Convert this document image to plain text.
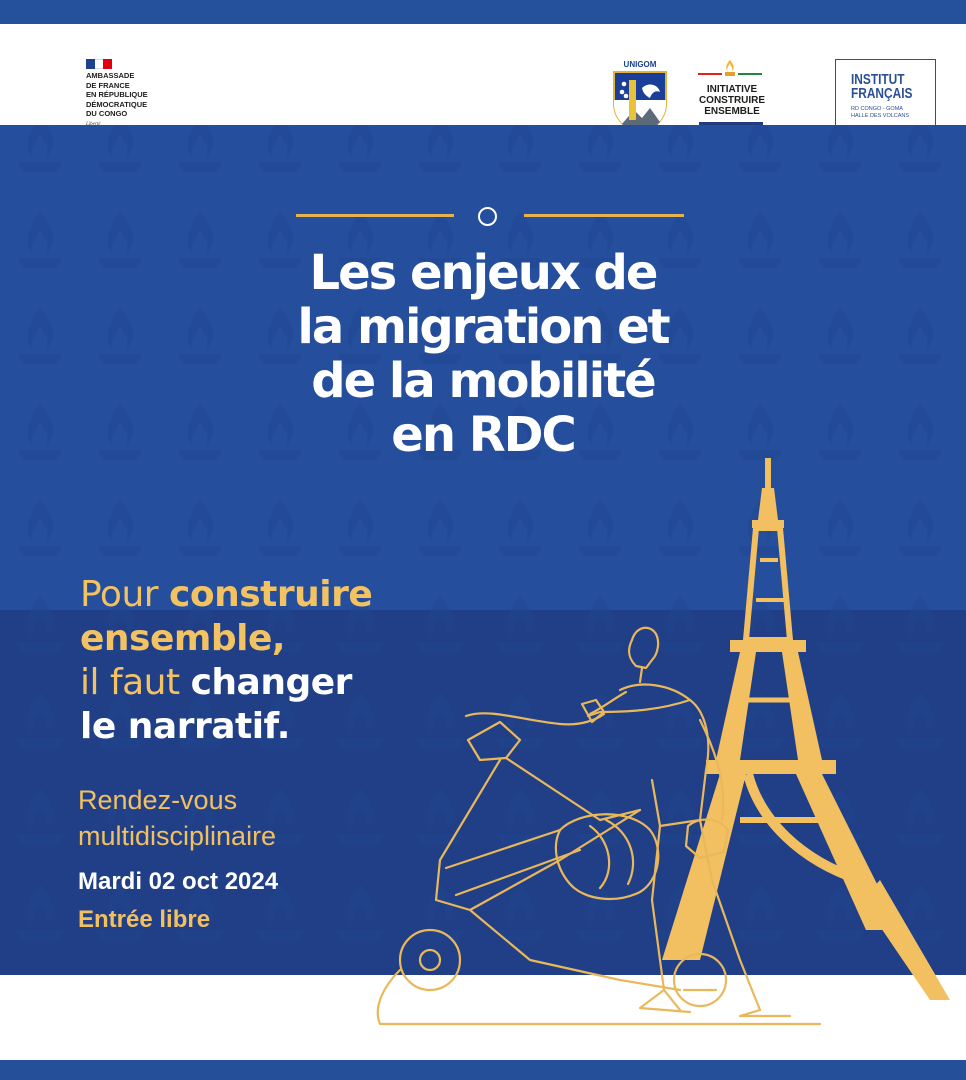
AMBASSADE
DE FRANCE
EN RÉPUBLIQUE
DÉMOCRATIQUE
DU CONGO
UNIGOM
INITIATIVE
CONSTRUIRE
ENSEMBLE
INSTITUT
FRANÇAIS
RD CONGO - GOMA
HALLE DES VOLCANS
Les enjeux de
la migration et
de la mobilité
en RDC
Pour construire
ensemble,
il faut changer
le narratif.
Rendez-vous
multidisciplinaire
Mardi 02 oct 2024
Entrée libre
